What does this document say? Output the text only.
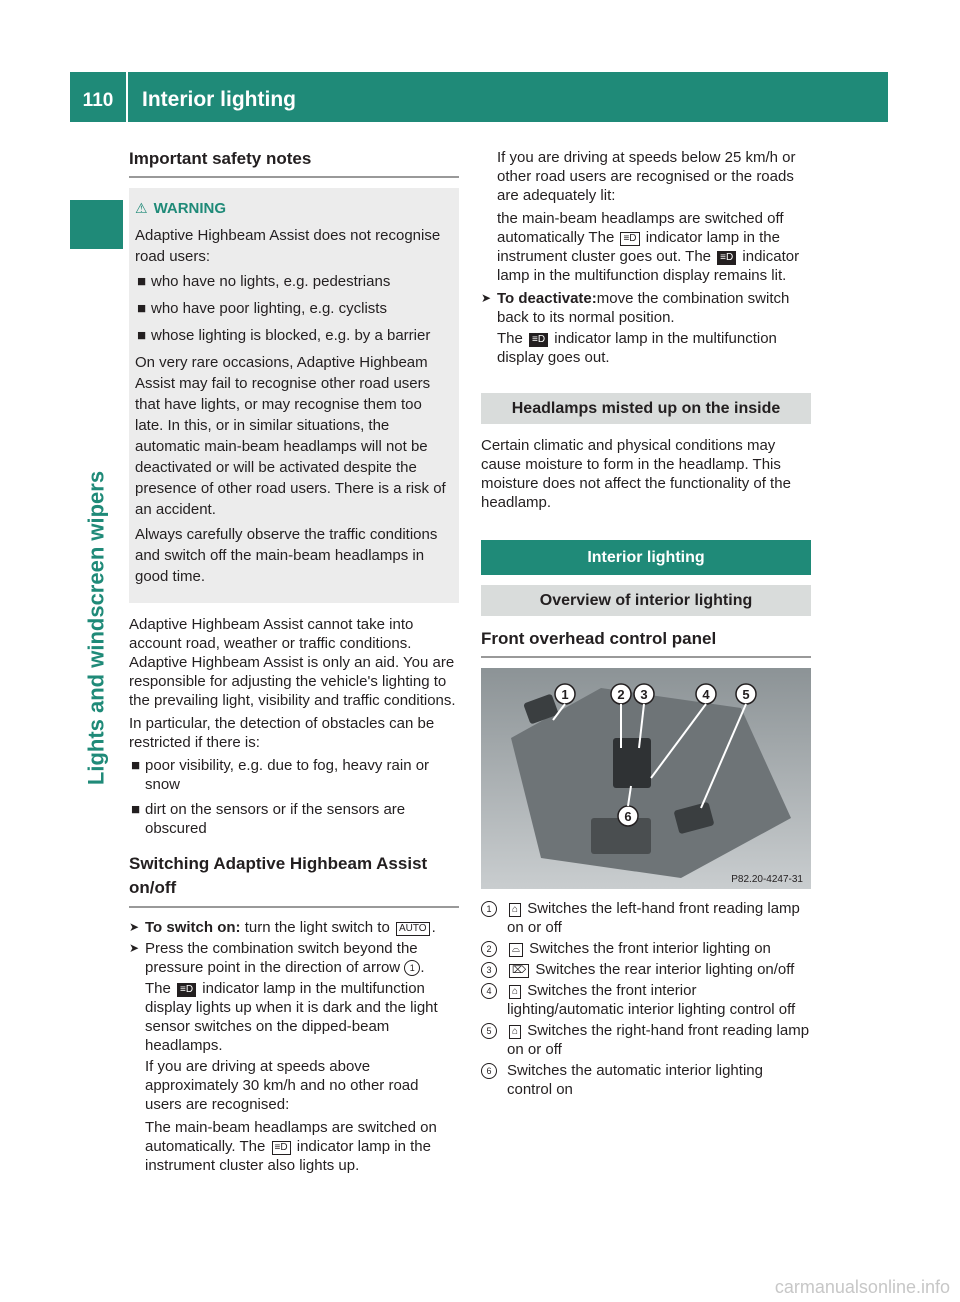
110	Interior lighting
Lights and windscreen wipers
Important safety notes
⚠ WARNING

Adaptive Highbeam Assist does not recognise road users:

■ who have no lights, e.g. pedestrians
■ who have poor lighting, e.g. cyclists
■ whose lighting is blocked, e.g. by a barrier

On very rare occasions, Adaptive Highbeam Assist may fail to recognise other road users that have lights, or may recognise them too late. In this, or in similar situations, the automatic main-beam headlamps will not be deactivated or will be activated despite the presence of other road users. There is a risk of an accident.

Always carefully observe the traffic conditions and switch off the main-beam headlamps in good time.

Adaptive Highbeam Assist cannot take into account road, weather or traffic conditions. Adaptive Highbeam Assist is only an aid. You are responsible for adjusting the vehicle's lighting to the prevailing light, visibility and traffic conditions.

In particular, the detection of obstacles can be restricted if there is:

■ poor visibility, e.g. due to fog, heavy rain or snow
■ dirt on the sensors or if the sensors are obscured
Switching Adaptive Highbeam Assist on/off
➤ To switch on: turn the light switch to AUTO .
➤ Press the combination switch beyond the pressure point in the direction of arrow 1 .
The ≡D indicator lamp in the multifunction display lights up when it is dark and the light sensor switches on the dipped-beam headlamps.

If you are driving at speeds above approximately 30 km/h and no other road users are recognised:

The main-beam headlamps are switched on automatically. The ≡D indicator lamp in the instrument cluster also lights up.

If you are driving at speeds below 25 km/h or other road users are recognised or the roads are adequately lit:

the main-beam headlamps are switched off automatically The ≡D indicator lamp in the instrument cluster goes out. The ≡D indicator lamp in the multifunction display remains lit.

➤ To deactivate:move the combination switch back to its normal position.
The ≡D indicator lamp in the multifunction display goes out.
Headlamps misted up on the inside

Certain climatic and physical conditions may cause moisture to form in the headlamp. This moisture does not affect the functionality of the headlamp.

Interior lighting
Overview of interior lighting
Front overhead control panel
1	2 3	4	5
6
P82.20-4247-31
1	⌂ Switches the left-hand front reading lamp on or off
2	⌓ Switches the front interior lighting on
3	⌦ Switches the rear interior lighting on/off
4	⌂ Switches the front interior lighting/automatic interior lighting control off
5	⌂ Switches the right-hand front reading lamp on or off
6	Switches the automatic interior lighting control on
carmanualsonline.info
